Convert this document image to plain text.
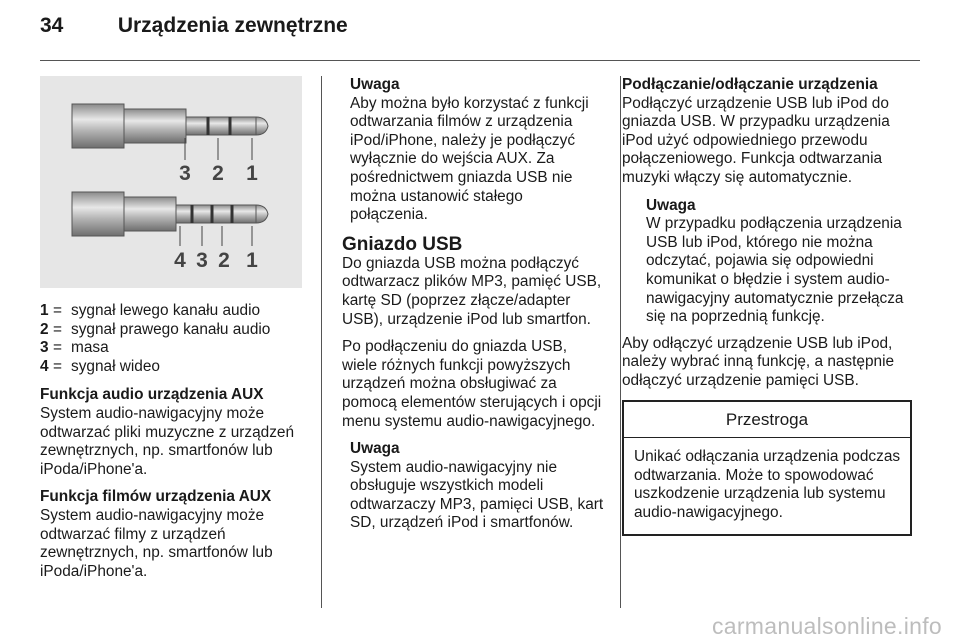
34	Urządzenia zewnętrzne
3 2 1
4 3 2 1
1 = sygnał lewego kanału audio
2 = sygnał prawego kanału audio
3 = masa
4 = sygnał wideo
Funkcja audio urządzenia AUX

System audio-nawigacyjny może odtwarzać pliki muzyczne z urządzeń zewnętrznych, np. smartfonów lub iPoda/iPhone'a.

Funkcja filmów urządzenia AUX

System audio-nawigacyjny może odtwarzać filmy z urządzeń zewnętrznych, np. smartfonów lub iPoda/iPhone'a.

Uwaga
Aby można było korzystać z funkcji odtwarzania filmów z urządzenia iPod/iPhone, należy je podłączyć wyłącznie do wejścia AUX. Za pośrednictwem gniazda USB nie można ustanowić stałego połączenia.
Gniazdo USB

Do gniazda USB można podłączyć odtwarzacz plików MP3, pamięć USB, kartę SD (poprzez złącze/adapter USB), urządzenie iPod lub smartfon.

Po podłączeniu do gniazda USB, wiele różnych funkcji powyższych urządzeń można obsługiwać za pomocą elementów sterujących i opcji menu systemu audio-nawigacyjnego.

Uwaga
System audio-nawigacyjny nie obsługuje wszystkich modeli odtwarzaczy MP3, pamięci USB, kart SD, urządzeń iPod i smartfonów.
Podłączanie/odłączanie urządzenia

Podłączyć urządzenie USB lub iPod do gniazda USB. W przypadku urządzenia iPod użyć odpowiedniego przewodu połączeniowego. Funkcja odtwarzania muzyki włączy się automatycznie.

Uwaga
W przypadku podłączenia urządzenia USB lub iPod, którego nie można odczytać, pojawia się odpowiedni komunikat o błędzie i system audio-nawigacyjny automatycznie przełącza się na poprzednią funkcję.

Aby odłączyć urządzenie USB lub iPod, należy wybrać inną funkcję, a następnie odłączyć urządzenie pamięci USB.

Przestroga
Unikać odłączania urządzenia podczas odtwarzania. Może to spowodować uszkodzenie urządzenia lub systemu audio-nawigacyjnego.
carmanualsonline.info
